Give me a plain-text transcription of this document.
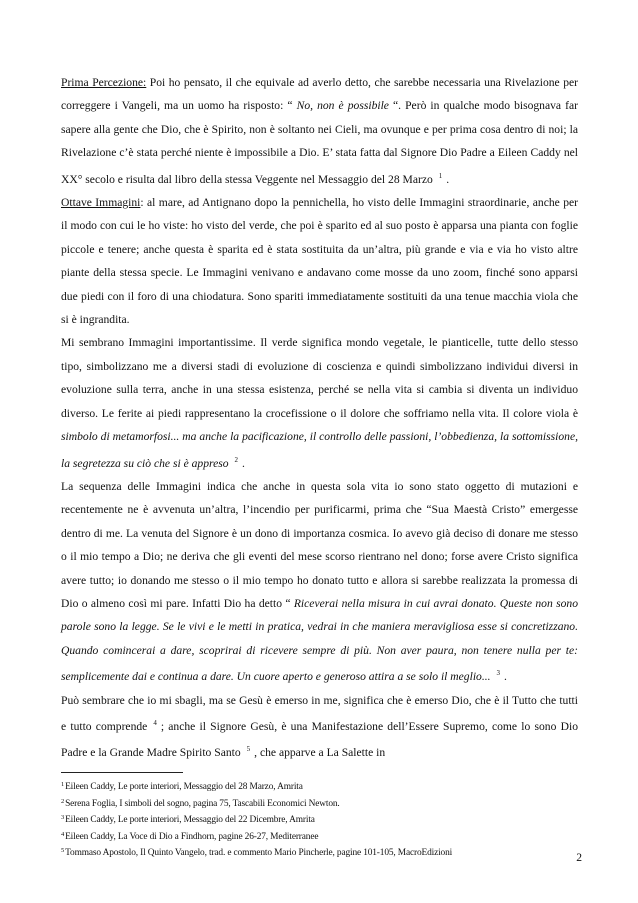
Prima Percezione: Poi ho pensato, il che equivale ad averlo detto, che sarebbe necessaria una Rivelazione per correggere i Vangeli, ma un uomo ha risposto: “ No, non è possibile “. Però in qualche modo bisognava far sapere alla gente che Dio, che è Spirito, non è soltanto nei Cieli, ma ovunque e per prima cosa dentro di noi; la Rivelazione c’è stata perché niente è impossibile a Dio. E’ stata fatta dal Signore Dio Padre a Eileen Caddy nel XX° secolo e risulta dal libro della stessa Veggente nel Messaggio del 28 Marzo $^1$ .

Ottave Immagini: al mare, ad Antignano dopo la pennichella, ho visto delle Immagini straordinarie, anche per il modo con cui le ho viste: ho visto del verde, che poi è sparito ed al suo posto è apparsa una pianta con foglie piccole e tenere; anche questa è sparita ed è stata sostituita da un’altra, più grande e via e via ho visto altre piante della stessa specie. Le Immagini venivano e andavano come mosse da uno zoom, finché sono apparsi due piedi con il foro di una chiodatura. Sono spariti immediatamente sostituiti da una tenue macchia viola che si è ingrandita.

Mi sembrano Immagini importantissime. Il verde significa mondo vegetale, le pianticelle, tutte dello stesso tipo, simbolizzano me a diversi stadi di evoluzione di coscienza e quindi simbolizzano individui diversi in evoluzione sulla terra, anche in una stessa esistenza, perché se nella vita si cambia si diventa un individuo diverso. Le ferite ai piedi rappresentano la crocefissione o il dolore che soffriamo nella vita. Il colore viola è simbolo di metamorfosi... ma anche la pacificazione, il controllo delle passioni, l’obbedienza, la sottomissione, la segretezza su ciò che si è appreso $^2$ .

La sequenza delle Immagini indica che anche in questa sola vita io sono stato oggetto di mutazioni e recentemente ne è avvenuta un’altra, l’incendio per purificarmi, prima che “Sua Maestà Cristo” emergesse dentro di me. La venuta del Signore è un dono di importanza cosmica. Io avevo già deciso di donare me stesso o il mio tempo a Dio; ne deriva che gli eventi del mese scorso rientrano nel dono; forse avere Cristo significa avere tutto; io donando me stesso o il mio tempo ho donato tutto e allora si sarebbe realizzata la promessa di Dio o almeno così mi pare. Infatti Dio ha detto “ Riceverai nella misura in cui avrai donato. Queste non sono parole sono la legge. Se le vivi e le metti in pratica, vedrai in che maniera meravigliosa esse si concretizzano. Quando comincerai a dare, scoprirai di ricevere sempre di più. Non aver paura, non tenere nulla per te: semplicemente dai e continua a dare. Un cuore aperto e generoso attira a se solo il meglio... $^3$ .

Può sembrare che io mi sbagli, ma se Gesù è emerso in me, significa che è emerso Dio, che è il Tutto che tutti e tutto comprende $^4$ ; anche il Signore Gesù, è una Manifestazione dell’Essere Supremo, come lo sono Dio Padre e la Grande Madre Spirito Santo $^5$ , che apparve a La Salette in

$^1$Eileen Caddy, Le porte interiori, Messaggio del 28 Marzo, Amrita
$^2$Serena Foglia, I simboli del sogno, pagina 75, Tascabili Economici Newton.
$^3$Eileen Caddy, Le porte interiori, Messaggio del 22 Dicembre, Amrita
$^4$Eileen Caddy, La Voce di Dio a Findhorn, pagine 26-27, Mediterranee
$^5$Tommaso Apostolo, Il Quinto Vangelo, trad. e commento Mario Pincherle, pagine 101-105, MacroEdizioni	2
